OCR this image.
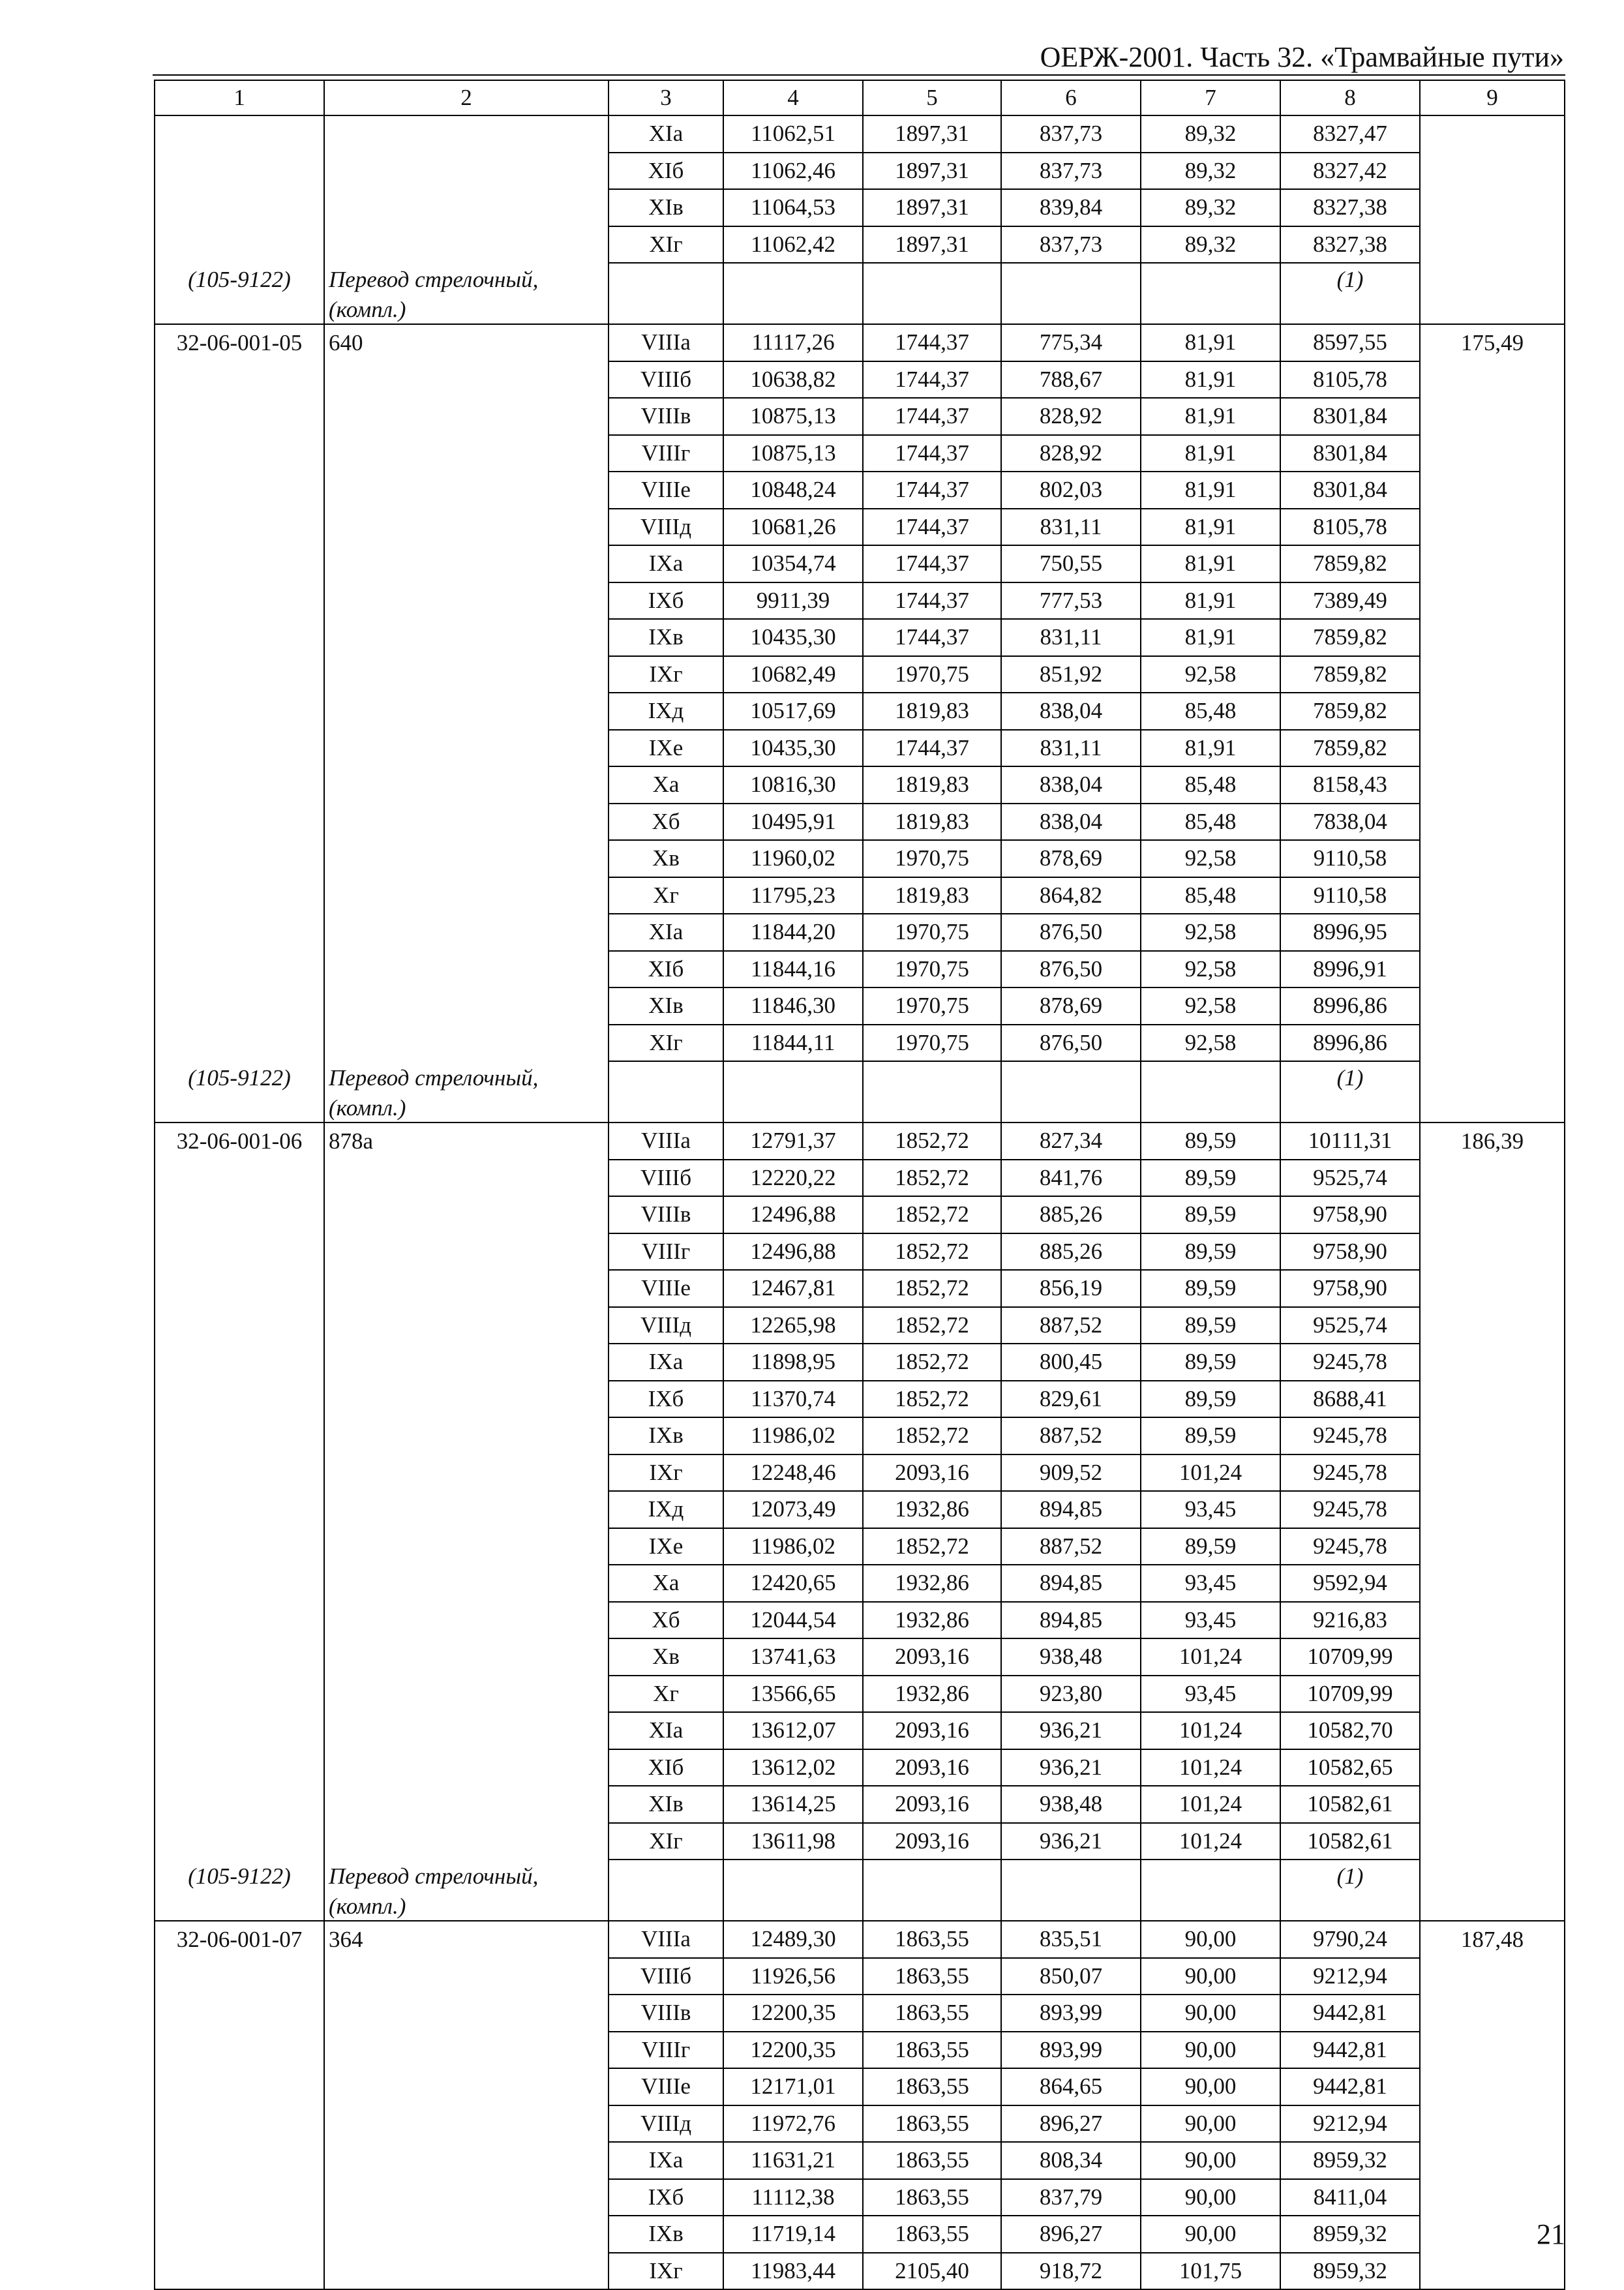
ОЕРЖ-2001. Часть 32. «Трамвайные пути»
1	2	3	4	5	6	7	8	9
		XIа	11062,51	1897,31	837,73	89,32	8327,47	
		XIб	11062,46	1897,31	837,73	89,32	8327,42	
		XIв	11064,53	1897,31	839,84	89,32	8327,38	
		XIг	11062,42	1897,31	837,73	89,32	8327,38	
(105-9122)	Перевод стрелочный,						(1)	
	(компл.)							
32-06-001-05	640	VIIIа	11117,26	1744,37	775,34	81,91	8597,55	175,49
		VIIIб	10638,82	1744,37	788,67	81,91	8105,78	
		VIIIв	10875,13	1744,37	828,92	81,91	8301,84	
		VIIIг	10875,13	1744,37	828,92	81,91	8301,84	
		VIIIе	10848,24	1744,37	802,03	81,91	8301,84	
		VIIIд	10681,26	1744,37	831,11	81,91	8105,78	
		IXа	10354,74	1744,37	750,55	81,91	7859,82	
		IXб	9911,39	1744,37	777,53	81,91	7389,49	
		IXв	10435,30	1744,37	831,11	81,91	7859,82	
		IXг	10682,49	1970,75	851,92	92,58	7859,82	
		IXд	10517,69	1819,83	838,04	85,48	7859,82	
		IXе	10435,30	1744,37	831,11	81,91	7859,82	
		Xа	10816,30	1819,83	838,04	85,48	8158,43	
		Xб	10495,91	1819,83	838,04	85,48	7838,04	
		Xв	11960,02	1970,75	878,69	92,58	9110,58	
		Xг	11795,23	1819,83	864,82	85,48	9110,58	
		XIа	11844,20	1970,75	876,50	92,58	8996,95	
		XIб	11844,16	1970,75	876,50	92,58	8996,91	
		XIв	11846,30	1970,75	878,69	92,58	8996,86	
		XIг	11844,11	1970,75	876,50	92,58	8996,86	
(105-9122)	Перевод стрелочный,						(1)	
	(компл.)							
32-06-001-06	878а	VIIIа	12791,37	1852,72	827,34	89,59	10111,31	186,39
		VIIIб	12220,22	1852,72	841,76	89,59	9525,74	
		VIIIв	12496,88	1852,72	885,26	89,59	9758,90	
		VIIIг	12496,88	1852,72	885,26	89,59	9758,90	
		VIIIе	12467,81	1852,72	856,19	89,59	9758,90	
		VIIIд	12265,98	1852,72	887,52	89,59	9525,74	
		IXа	11898,95	1852,72	800,45	89,59	9245,78	
		IXб	11370,74	1852,72	829,61	89,59	8688,41	
		IXв	11986,02	1852,72	887,52	89,59	9245,78	
		IXг	12248,46	2093,16	909,52	101,24	9245,78	
		IXд	12073,49	1932,86	894,85	93,45	9245,78	
		IXе	11986,02	1852,72	887,52	89,59	9245,78	
		Xа	12420,65	1932,86	894,85	93,45	9592,94	
		Xб	12044,54	1932,86	894,85	93,45	9216,83	
		Xв	13741,63	2093,16	938,48	101,24	10709,99	
		Xг	13566,65	1932,86	923,80	93,45	10709,99	
		XIа	13612,07	2093,16	936,21	101,24	10582,70	
		XIб	13612,02	2093,16	936,21	101,24	10582,65	
		XIв	13614,25	2093,16	938,48	101,24	10582,61	
		XIг	13611,98	2093,16	936,21	101,24	10582,61	
(105-9122)	Перевод стрелочный,						(1)	
	(компл.)							
32-06-001-07	364	VIIIа	12489,30	1863,55	835,51	90,00	9790,24	187,48
		VIIIб	11926,56	1863,55	850,07	90,00	9212,94	
		VIIIв	12200,35	1863,55	893,99	90,00	9442,81	
		VIIIг	12200,35	1863,55	893,99	90,00	9442,81	
		VIIIе	12171,01	1863,55	864,65	90,00	9442,81	
		VIIIд	11972,76	1863,55	896,27	90,00	9212,94	
		IXа	11631,21	1863,55	808,34	90,00	8959,32	
		IXб	11112,38	1863,55	837,79	90,00	8411,04	
		IXв	11719,14	1863,55	896,27	90,00	8959,32	
		IXг	11983,44	2105,40	918,72	101,75	8959,32	
21
